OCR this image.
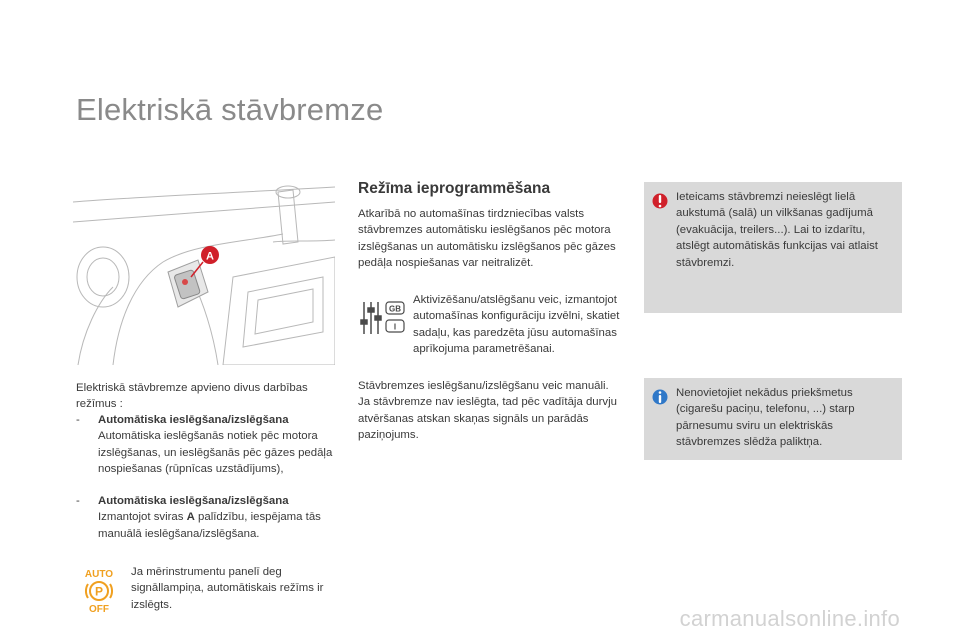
Elektriskā stāvbremze
A
Elektriskā stāvbremze apvieno divus darbības režīmus :
-	Automātiska ieslēgšana/izslēgšana
Automātiska ieslēgšanās notiek pēc motora izslēgšanas, un ieslēgšanās pēc gāzes pedāļa nospiešanas (rūpnīcas uzstādījums),
-	Automātiska ieslēgšana/izslēgšana
Izmantojot sviras A palīdzību, iespējama tās manuālā ieslēgšana/izslēgšana.
AUTO
P
OFF
Ja mērinstrumentu panelī deg signāllampiņa, automātiskais režīms ir izslēgts.
Režīma ieprogrammēšana
Atkarībā no automašīnas tirdzniecības valsts stāvbremzes automātisku ieslēgšanos pēc motora izslēgšanas un automātisku izslēgšanos pēc gāzes pedāļa nospiešanas var neitralizēt.
GB
I
Aktivizēšanu/atslēgšanu veic, izmantojot automašīnas konfigurāciju izvēlni, skatiet sadaļu, kas paredzēta jūsu automašīnas aprīkojuma parametrēšanai.
Stāvbremzes ieslēgšanu/izslēgšanu veic manuāli. Ja stāvbremze nav ieslēgta, tad pēc vadītāja durvju atvēršanas atskan skaņas signāls un parādās paziņojums.
Ieteicams stāvbremzi neieslēgt lielā aukstumā (salā) un vilkšanas gadījumā (evakuācija, treilers...). Lai to izdarītu, atslēgt automātiskās funkcijas vai atlaist stāvbremzi.
Nenovietojiet nekādus priekšmetus (cigarešu paciņu, telefonu, ...) starp pārnesumu sviru un elektriskās stāvbremzes slēdža paliktņa.
carmanualsonline.info
